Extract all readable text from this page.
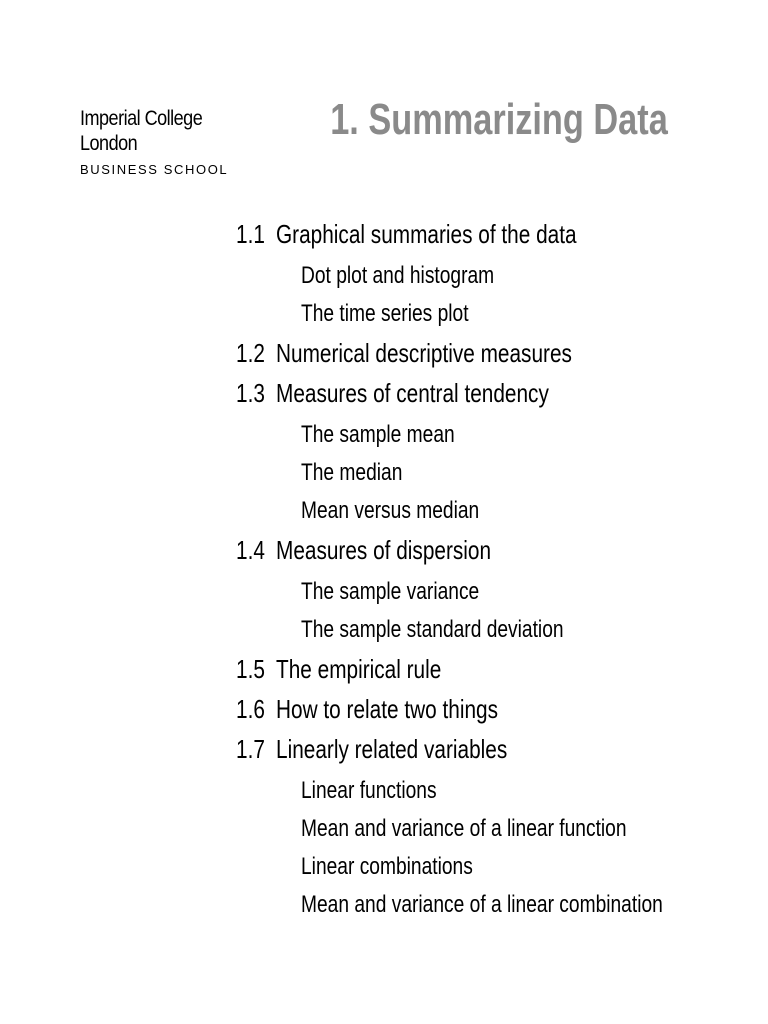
Imperial College
London
BUSINESS SCHOOL
1. Summarizing Data
1.1 Graphical summaries of the data
Dot plot and histogram
The time series plot
1.2 Numerical descriptive measures
1.3 Measures of central tendency
The sample mean
The median
Mean versus median
1.4 Measures of dispersion
The sample variance
The sample standard deviation
1.5 The empirical rule
1.6 How to relate two things
1.7 Linearly related variables
Linear functions
Mean and variance of a linear function
Linear combinations
Mean and variance of a linear combination
